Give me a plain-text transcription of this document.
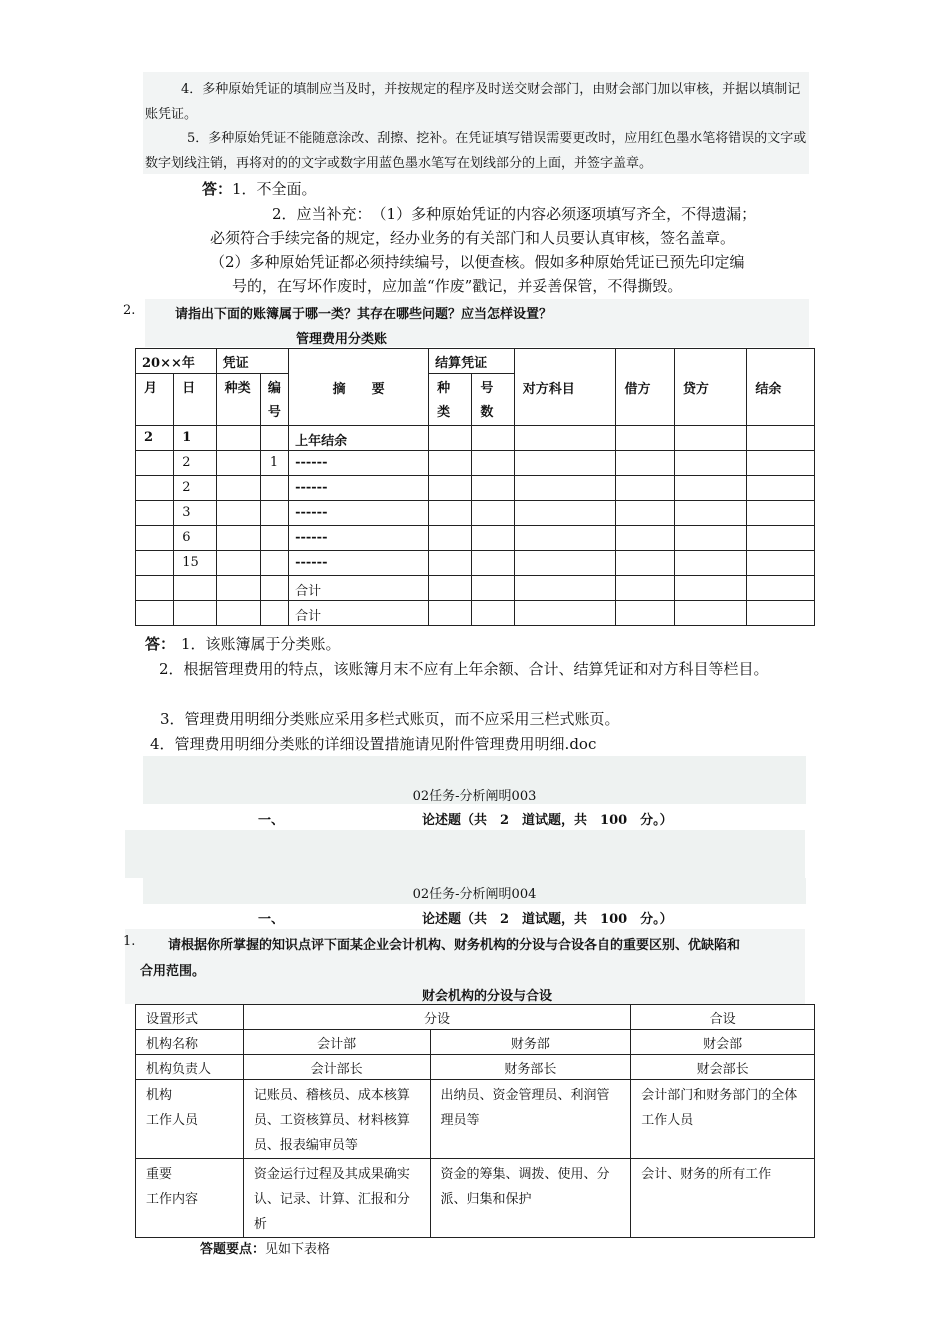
4．多种原始凭证的填制应当及时，并按规定的程序及时送交财会部门，由财会部门加以审核，并据以填制记账凭证。
5．多种原始凭证不能随意涂改、刮擦、挖补。在凭证填写错误需要更改时，应用红色墨水笔将错误的文字或数字划线注销，再将对的的文字或数字用蓝色墨水笔写在划线部分的上面，并签字盖章。
答：1．不全面。
2．应当补充：　（1）多种原始凭证的内容必须逐项填写齐全，不得遗漏；
必须符合手续完备的规定，经办业务的有关部门和人员要认真审核，签名盖章。
（2）多种原始凭证都必须持续编号，以便查核。假如多种原始凭证已预先印定编
号的，在写坏作废时，应加盖“作废”戳记，并妥善保管，不得撕毁。
2.	请指出下面的账簿属于哪一类？其存在哪些问题？应当怎样设置？
管理费用分类账
20××年		凭证		摘　　要	结算凭证		对方科目	借方	贷方	结余
月	日	种类	编号		种类	号数				
2	1			上年结余						
	2		1	------						
	2			------						
	3			------						
	6			------						
	15			------						
				合计						
				合计						
答： 1．该账簿属于分类账。
2．根据管理费用的特点，该账簿月末不应有上年余额、合计、结算凭证和对方科目等栏目。
3．管理费用明细分类账应采用多栏式账页，而不应采用三栏式账页。
4．管理费用明细分类账的详细设置措施请见附件管理费用明细.doc
02任务-分析阐明003
一、	论述题（共　2　道试题，共　100　分。）
02任务-分析阐明004
一、	论述题（共　2　道试题，共　100　分。）
1.	请根据你所掌握的知识点评下面某企业会计机构、财务机构的分设与合设各自的重要区别、优缺陷和
合用范围。
财会机构的分设与合设
设置形式	分设		合设
机构名称	会计部	财务部	财会部
机构负责人	会计部长	财务部长	财会部长

机构
工作人员	记账员、稽核员、成本核算员、工资核算员、材料核算员、报表编审员等	出纳员、资金管理员、利润管理员等	会计部门和财务部门的全体工作人员

重要
工作内容	资金运行过程及其成果确实认、记录、计算、汇报和分析	资金的筹集、调拨、使用、分派、归集和保护	会计、财务的所有工作
答题要点：见如下表格
